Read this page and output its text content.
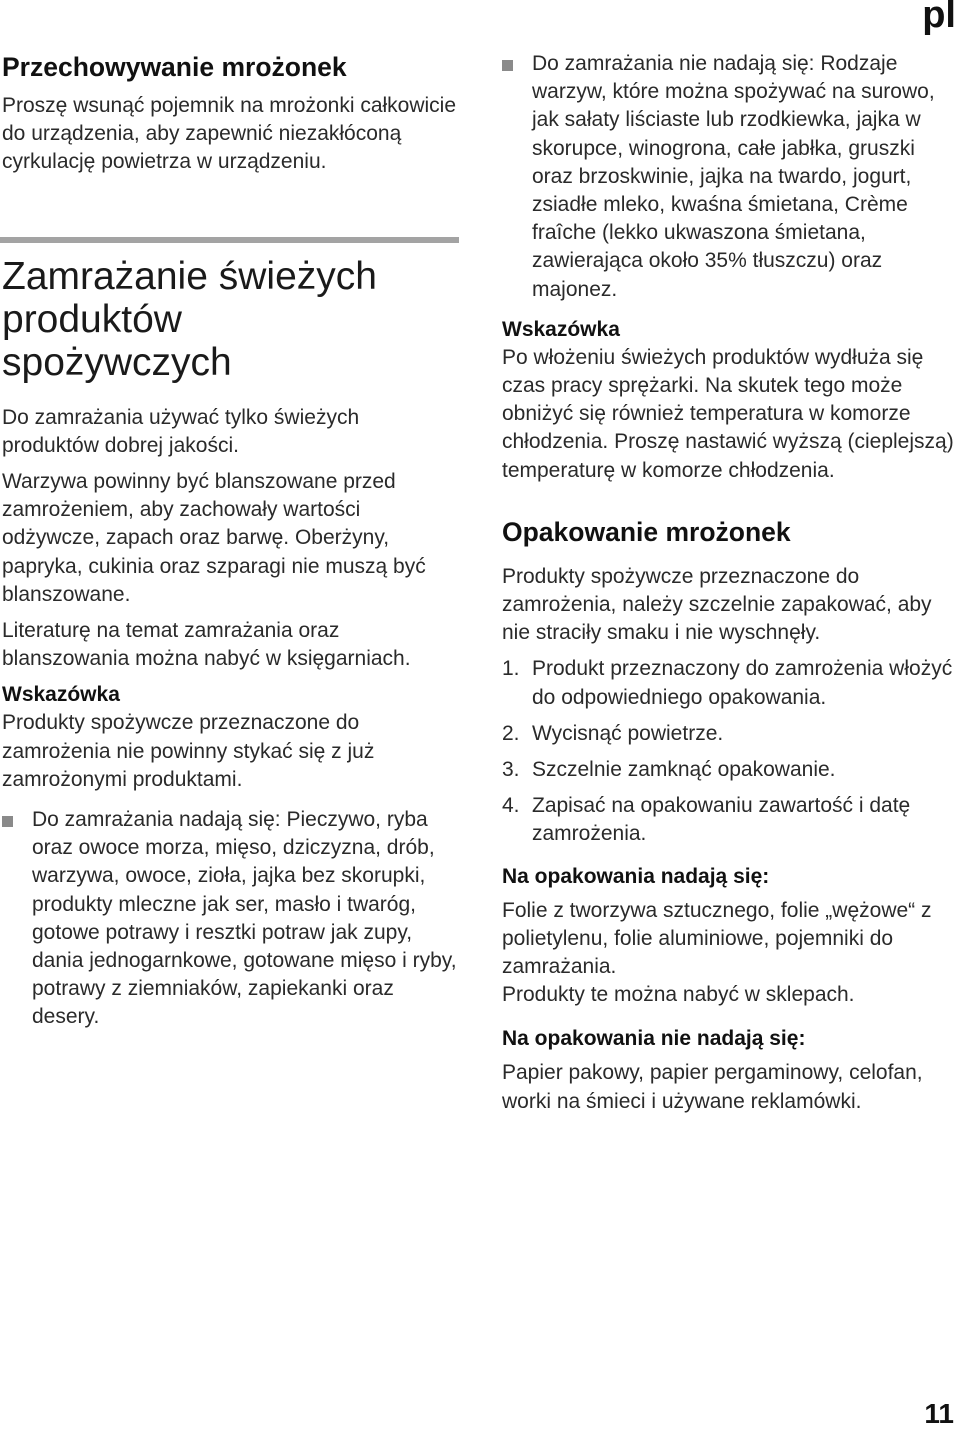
pl
Przechowywanie mrożonek

Proszę wsunąć pojemnik na mrożonki całkowicie do urządzenia, aby zapewnić niezakłóconą cyrkulację powietrza w urządzeniu.

Zamrażanie świeżych
produktów
spożywczych

Do zamrażania używać tylko świeżych produktów dobrej jakości.

Warzywa powinny być blanszowane przed zamrożeniem, aby zachowały wartości odżywcze, zapach oraz barwę. Oberżyny, papryka, cukinia oraz szparagi nie muszą być blanszowane.

Literaturę na temat zamrażania oraz blanszowania można nabyć w księgarniach.

Wskazówka

Produkty spożywcze przeznaczone do zamrożenia nie powinny stykać się z już zamrożonymi produktami.

Do zamrażania nadają się: Pieczywo, ryba oraz owoce morza, mięso, dziczyzna, drób, warzywa, owoce, zioła, jajka bez skorupki, produkty mleczne jak ser, masło i twaróg, gotowe potrawy i resztki potraw jak zupy, dania jednogarnkowe, gotowane mięso i ryby, potrawy z ziemniaków, zapiekanki oraz desery.

Do zamrażania nie nadają się: Rodzaje warzyw, które można spożywać na surowo, jak sałaty liściaste lub rzodkiewka, jajka w skorupce, winogrona, całe jabłka, gruszki oraz brzoskwinie, jajka na twardo, jogurt, zsiadłe mleko, kwaśna śmietana, Crème fraîche (lekko ukwaszona śmietana, zawierająca około 35% tłuszczu) oraz majonez.

Wskazówka

Po włożeniu świeżych produktów wydłuża się czas pracy sprężarki. Na skutek tego może obniżyć się również temperatura w komorze chłodzenia. Proszę nastawić wyższą (cieplejszą) temperaturę w komorze chłodzenia.

Opakowanie mrożonek

Produkty spożywcze przeznaczone do zamrożenia, należy szczelnie zapakować, aby nie straciły smaku i nie wyschnęły.

1. Produkt przeznaczony do zamrożenia włożyć do odpowiedniego opakowania.

2. Wycisnąć powietrze.

3. Szczelnie zamknąć opakowanie.

4. Zapisać na opakowaniu zawartość i datę zamrożenia.

Na opakowania nadają się:

Folie z tworzywa sztucznego, folie „wężowe“ z polietylenu, folie aluminiowe, pojemniki do zamrażania.

Produkty te można nabyć w sklepach.

Na opakowania nie nadają się:

Papier pakowy, papier pergaminowy, celofan, worki na śmieci i używane reklamówki.

11
